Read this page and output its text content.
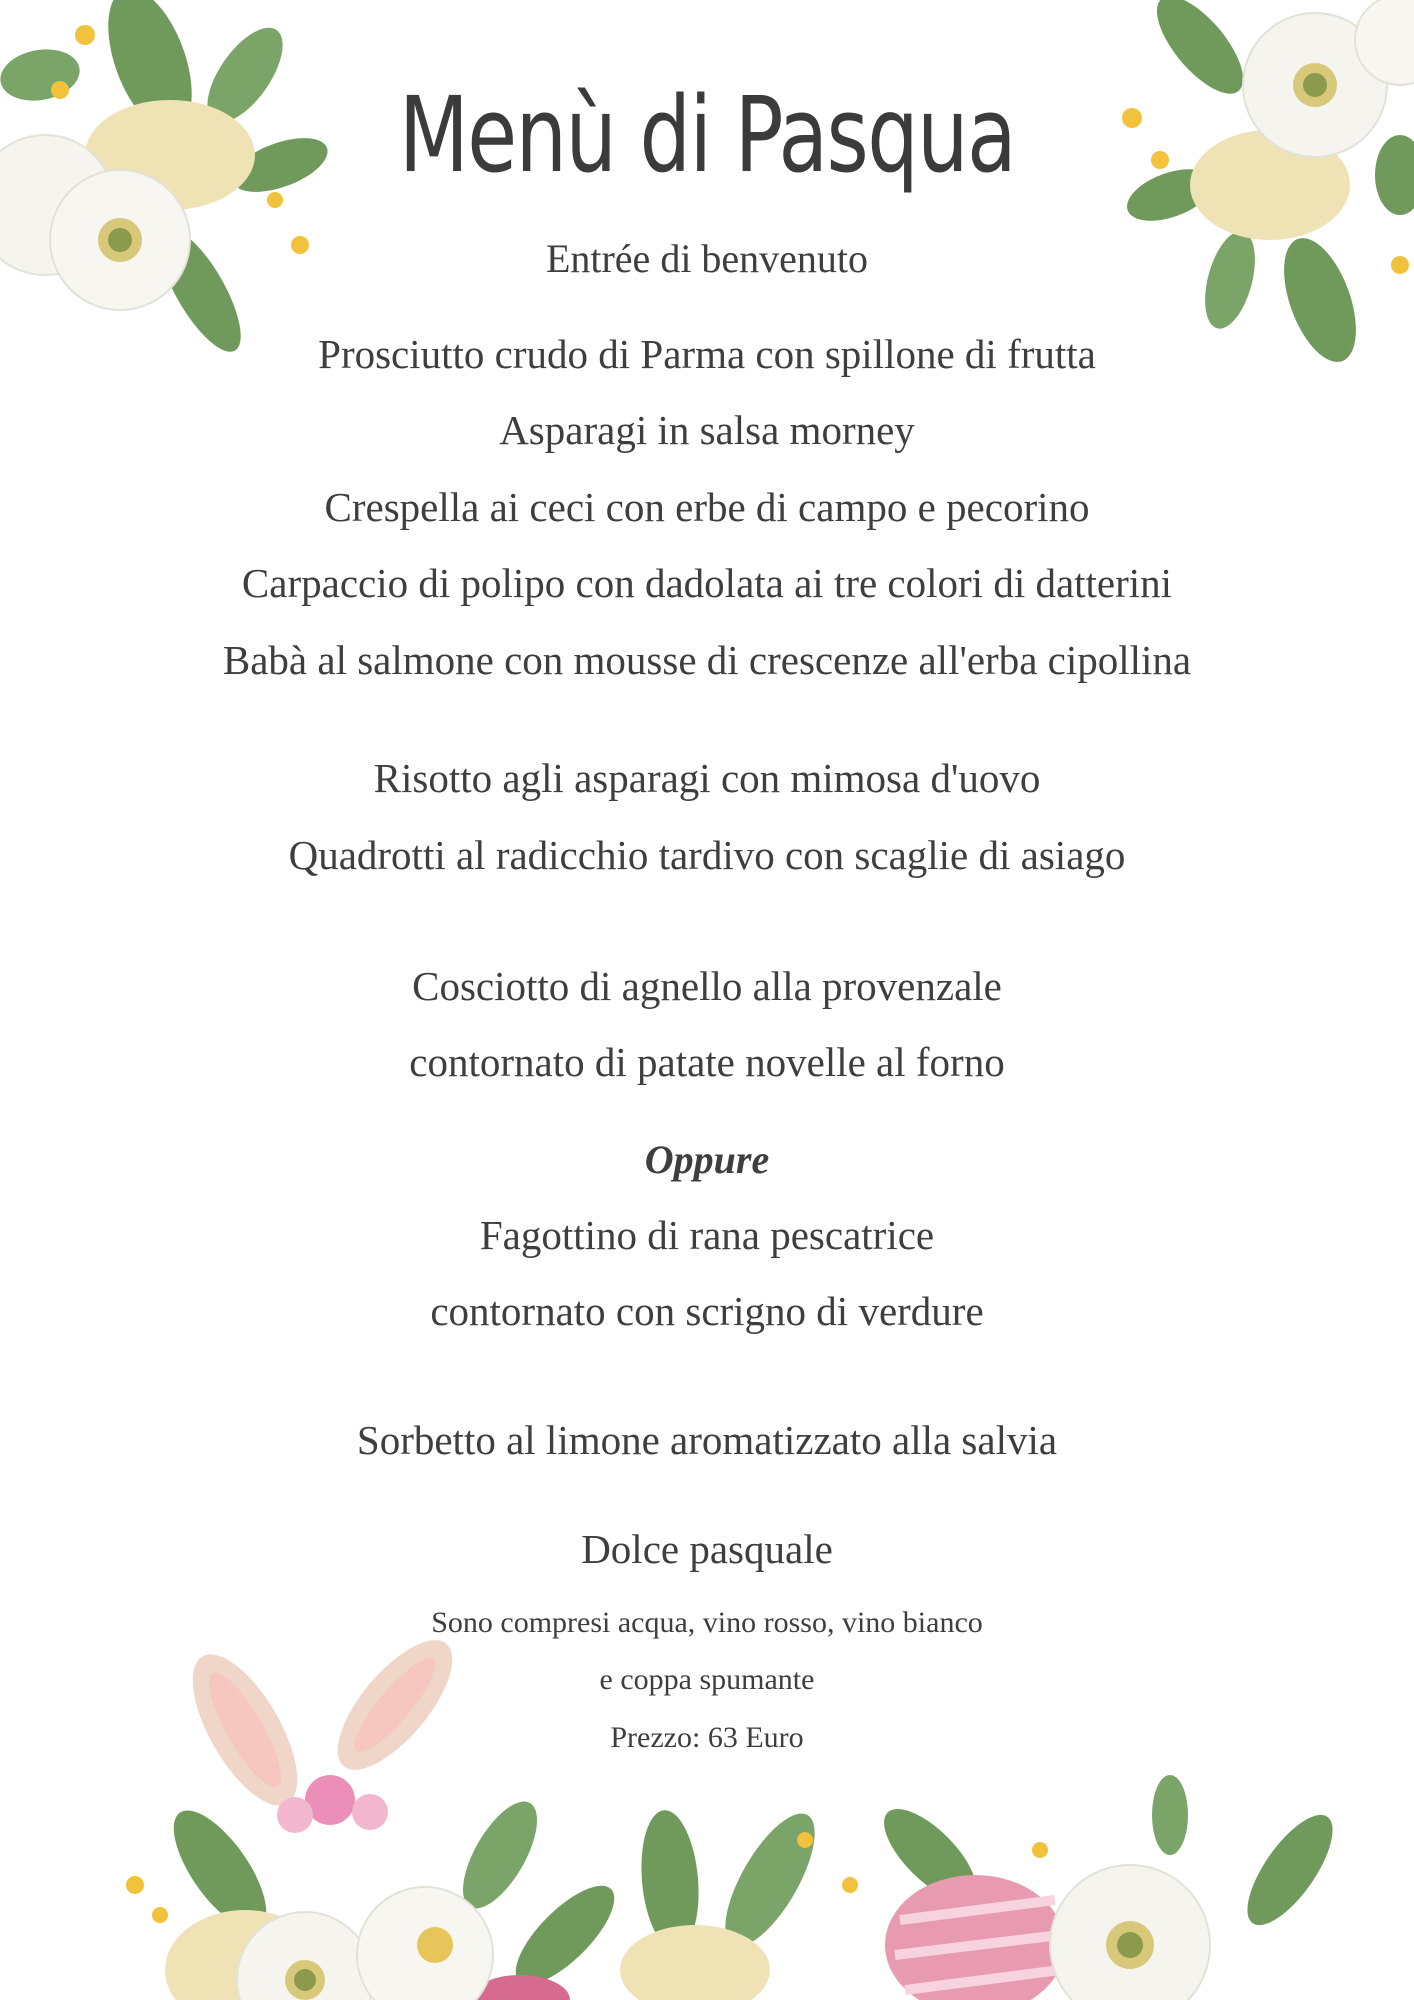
Menù di Pasqua
Entrée di benvenuto
Prosciutto crudo di Parma con spillone di frutta
Asparagi in salsa morney
Crespella ai ceci con erbe di campo e pecorino
Carpaccio di polipo con dadolata ai tre colori di datterini
Babà al salmone con mousse di crescenze all'erba cipollina
Risotto agli asparagi con mimosa d'uovo
Quadrotti al radicchio tardivo con scaglie di asiago
Cosciotto di agnello alla provenzale
contornato di patate novelle al forno
Oppure
Fagottino di rana pescatrice
contornato con scrigno di verdure
Sorbetto al limone aromatizzato alla salvia
Dolce pasquale
Sono compresi acqua, vino rosso, vino bianco
e coppa spumante
Prezzo: 63 Euro
